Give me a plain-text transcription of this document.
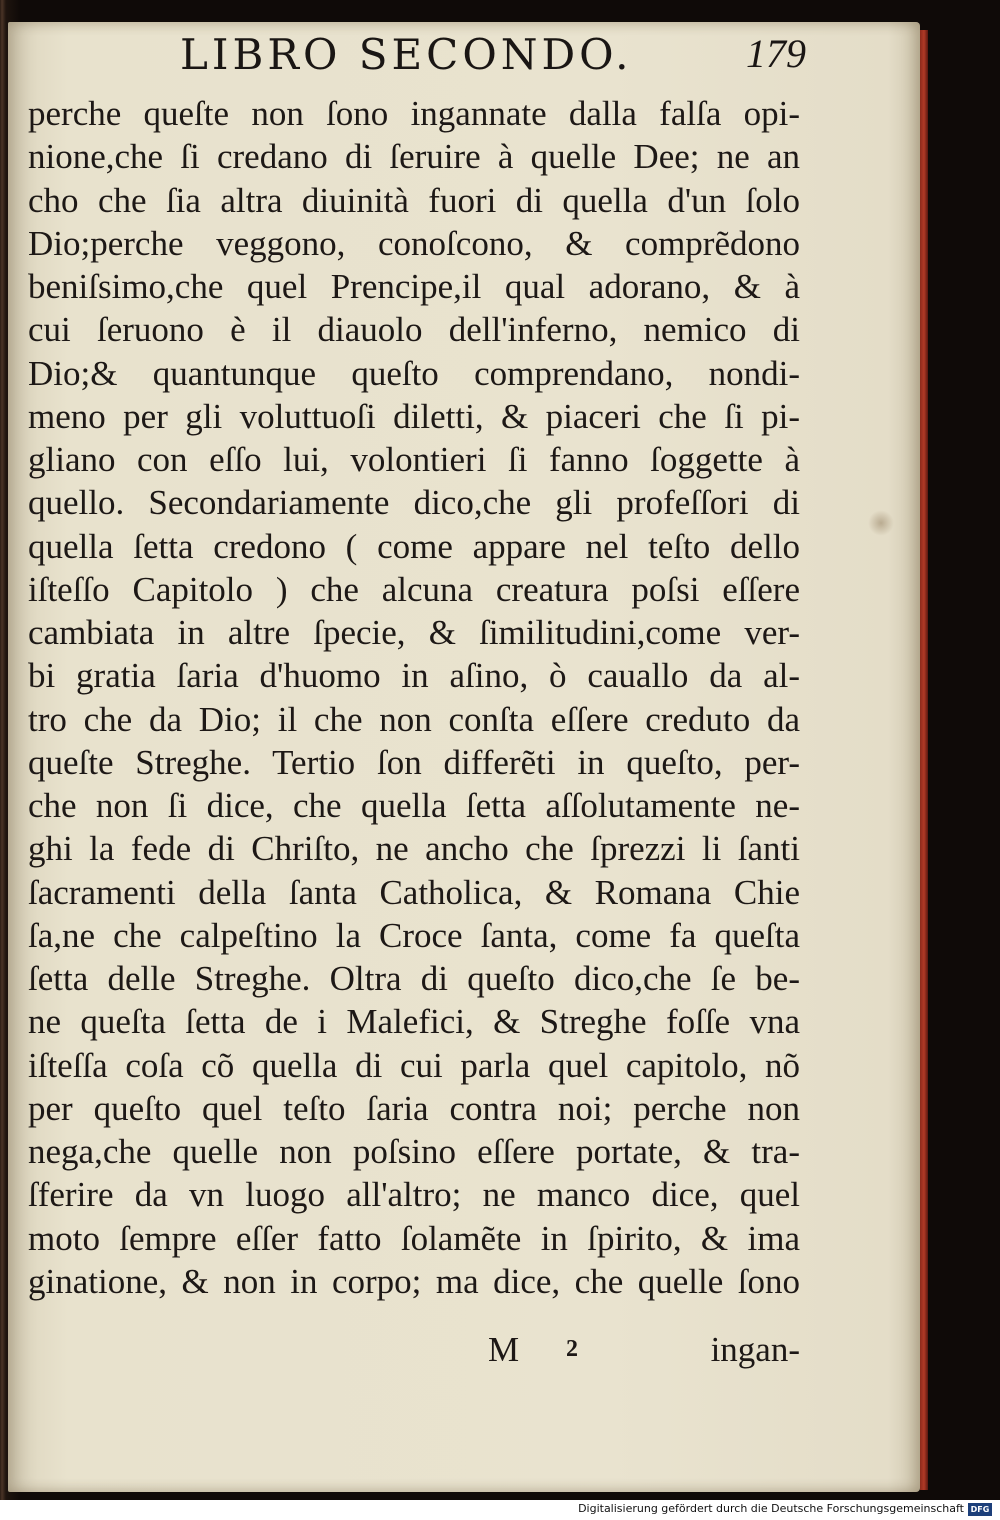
LIBRO SECONDO.	179
perche queſte non ſono ingannate dalla falſa opi-
nione,che ſi credano di ſeruire à quelle Dee; ne an
cho che ſia altra diuinità fuori di quella d'un ſolo
Dio;perche veggono, conoſcono, & comprẽdono
beniſsimo,che quel Prencipe,il qual adorano, & à
cui ſeruono è il diauolo dell'inferno, nemico di
Dio;& quantunque queſto comprendano, nondi-
meno per gli voluttuoſi diletti, & piaceri che ſi pi-
gliano con eſſo lui, volontieri ſi fanno ſoggette à
quello. Secondariamente dico,che gli profeſſori di
quella ſetta credono ( come appare nel teſto dello
iſteſſo Capitolo ) che alcuna creatura poſsi eſſere
cambiata in altre ſpecie, & ſimilitudini,come ver-
bi gratia ſaria d'huomo in aſino, ò cauallo da al-
tro che da Dio; il che non conſta eſſere creduto da
queſte Streghe. Tertio ſon differẽti in queſto, per-
che non ſi dice, che quella ſetta aſſolutamente ne-
ghi la fede di Chriſto, ne ancho che ſprezzi li ſanti
ſacramenti della ſanta Catholica, & Romana Chie
ſa,ne che calpeſtino la Croce ſanta, come fa queſta
ſetta delle Streghe. Oltra di queſto dico,che ſe be-
ne queſta ſetta de i Malefici, & Streghe foſſe vna
iſteſſa coſa cõ quella di cui parla quel capitolo, nõ
per queſto quel teſto ſaria contra noi; perche non
nega,che quelle non poſsino eſſere portate, & tra-
ſferire da vn luogo all'altro; ne manco dice, quel
moto ſempre eſſer fatto ſolamẽte in ſpirito, & ima
ginatione, & non in corpo; ma dice, che quelle ſono
M 2	ingan-
Digitalisierung gefördert durch die Deutsche Forschungsgemeinschaft DFG
